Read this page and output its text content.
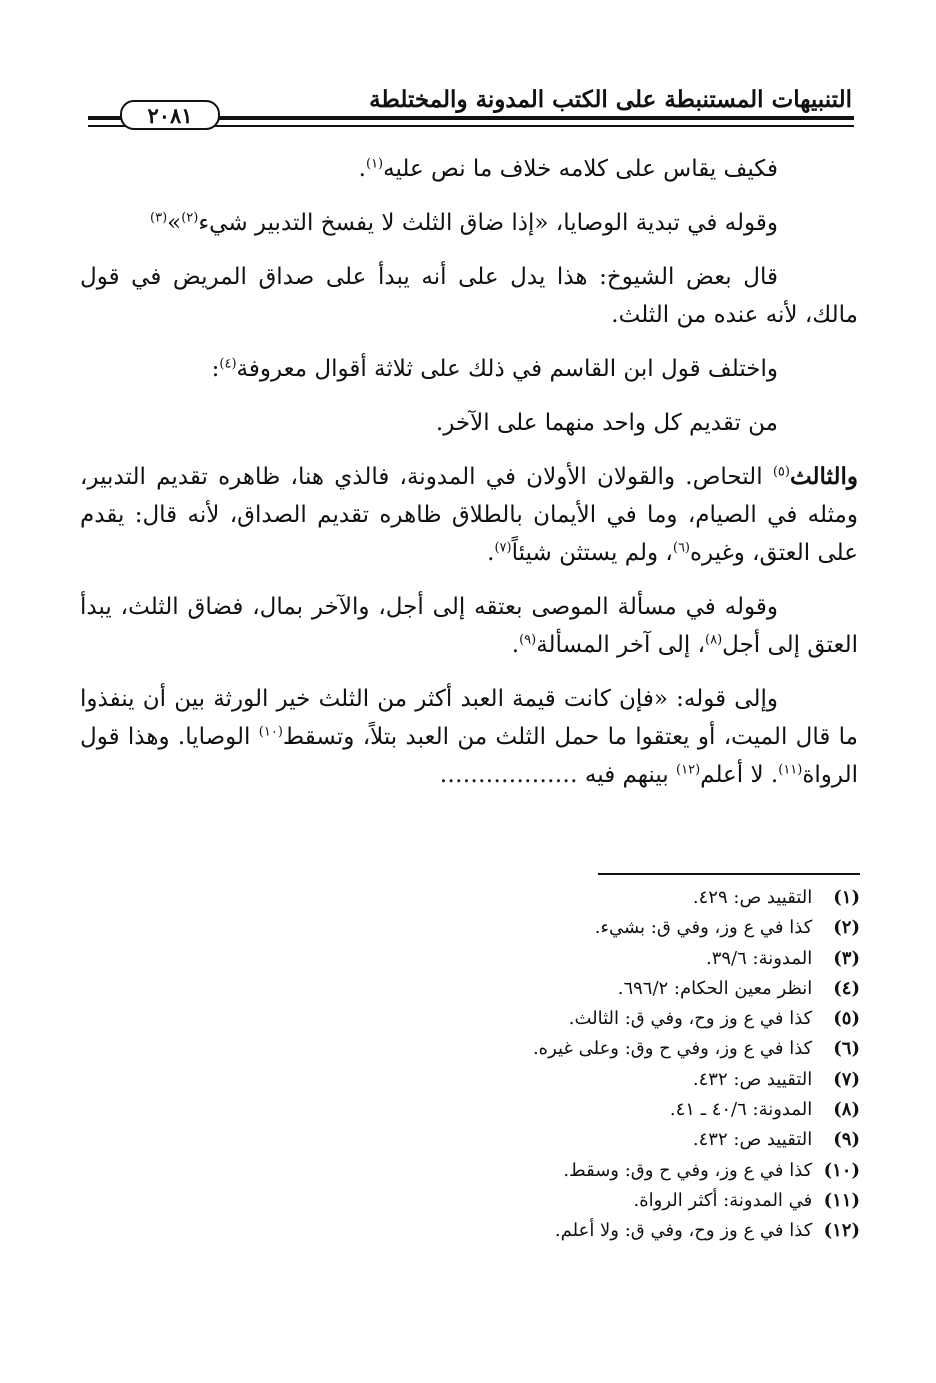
التنبيهات المستنبطة على الكتب المدونة والمختلطة
٢٠٨١

فكيف يقاس على كلامه خلاف ما نص عليه$^{(١)}$.

وقوله في تبدية الوصايا، «إذا ضاق الثلث لا يفسخ التدبير شيء$^{(٢)}$»$^{(٣)}$

قال بعض الشيوخ: هذا يدل على أنه يبدأ على صداق المريض في قول مالك، لأنه عنده من الثلث.

واختلف قول ابن القاسم في ذلك على ثلاثة أقوال معروفة$^{(٤)}$:

من تقديم كل واحد منهما على الآخر.

والثالث$^{(٥)}$ التحاص. والقولان الأولان في المدونة، فالذي هنا، ظاهره تقديم التدبير، ومثله في الصيام، وما في الأيمان بالطلاق ظاهره تقديم الصداق، لأنه قال: يقدم على العتق، وغيره$^{(٦)}$، ولم يستثن شيئاً$^{(٧)}$.

وقوله في مسألة الموصى بعتقه إلى أجل، والآخر بمال، فضاق الثلث، يبدأ العتق إلى أجل$^{(٨)}$، إلى آخر المسألة$^{(٩)}$.

وإلى قوله: «فإن كانت قيمة العبد أكثر من الثلث خير الورثة بين أن ينفذوا ما قال الميت، أو يعتقوا ما حمل الثلث من العبد بتلاً، وتسقط$^{(١٠)}$ الوصايا. وهذا قول الرواة$^{(١١)}$. لا أعلم$^{(١٢)}$ بينهم فيه ………………

(١) التقييد ص: ٤٢٩.
(٢) كذا في ع وز، وفي ق: بشيء.
(٣) المدونة: ٣٩/٦.
(٤) انظر معين الحكام: ٦٩٦/٢.
(٥) كذا في ع وز وح، وفي ق: الثالث.
(٦) كذا في ع وز، وفي ح وق: وعلى غيره.
(٧) التقييد ص: ٤٣٢.
(٨) المدونة: ٤٠/٦ ـ ٤١.
(٩) التقييد ص: ٤٣٢.
(١٠) كذا في ع وز، وفي ح وق: وسقط.
(١١) في المدونة: أكثر الرواة.
(١٢) كذا في ع وز وح، وفي ق: ولا أعلم.
